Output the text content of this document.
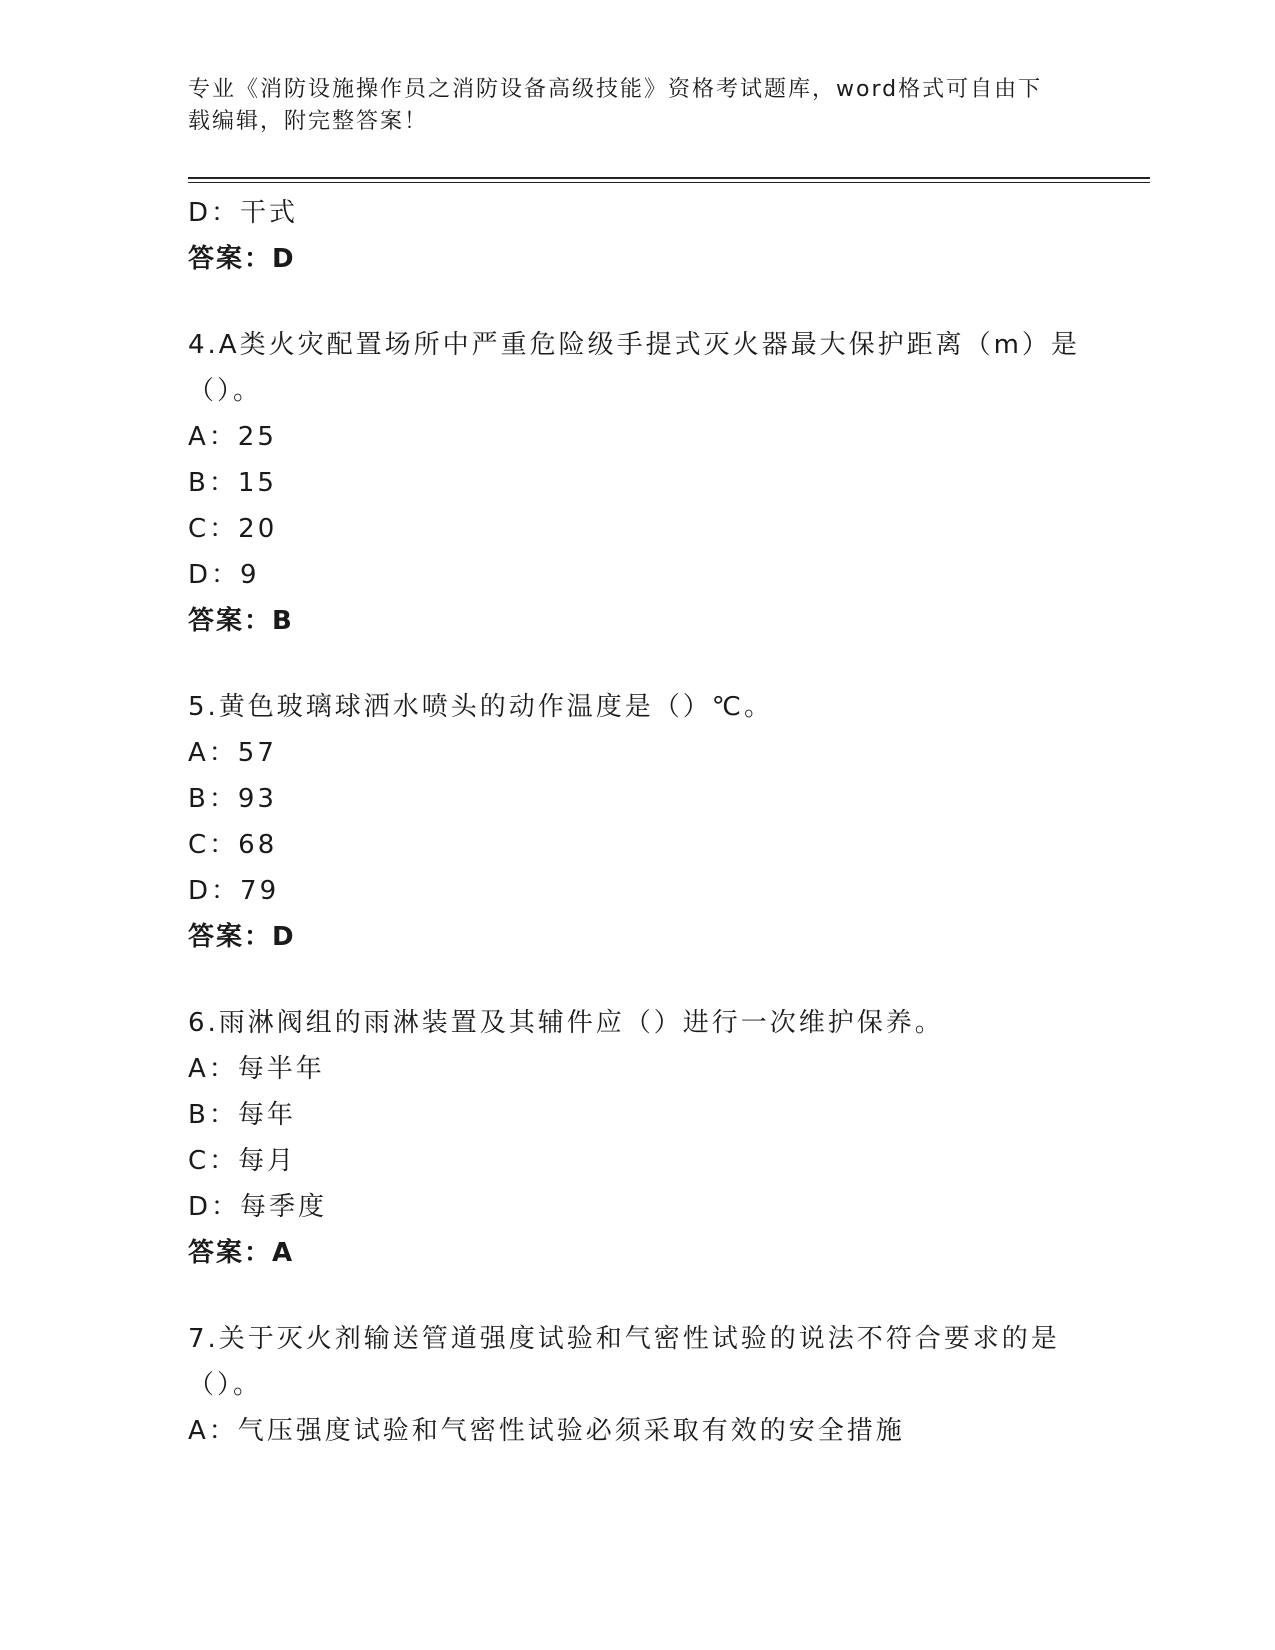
专业《消防设施操作员之消防设备高级技能》资格考试题库，word格式可自由下
载编辑，附完整答案！
D：干式
答案：D
4.A类火灾配置场所中严重危险级手提式灭火器最大保护距离（m）是
（）。
A：25
B：15
C：20
D：9
答案：B
5.黄色玻璃球洒水喷头的动作温度是（）℃。
A：57
B：93
C：68
D：79
答案：D
6.雨淋阀组的雨淋装置及其辅件应（）进行一次维护保养。
A：每半年
B：每年
C：每月
D：每季度
答案：A
7.关于灭火剂输送管道强度试验和气密性试验的说法不符合要求的是
（）。
A：气压强度试验和气密性试验必须采取有效的安全措施
